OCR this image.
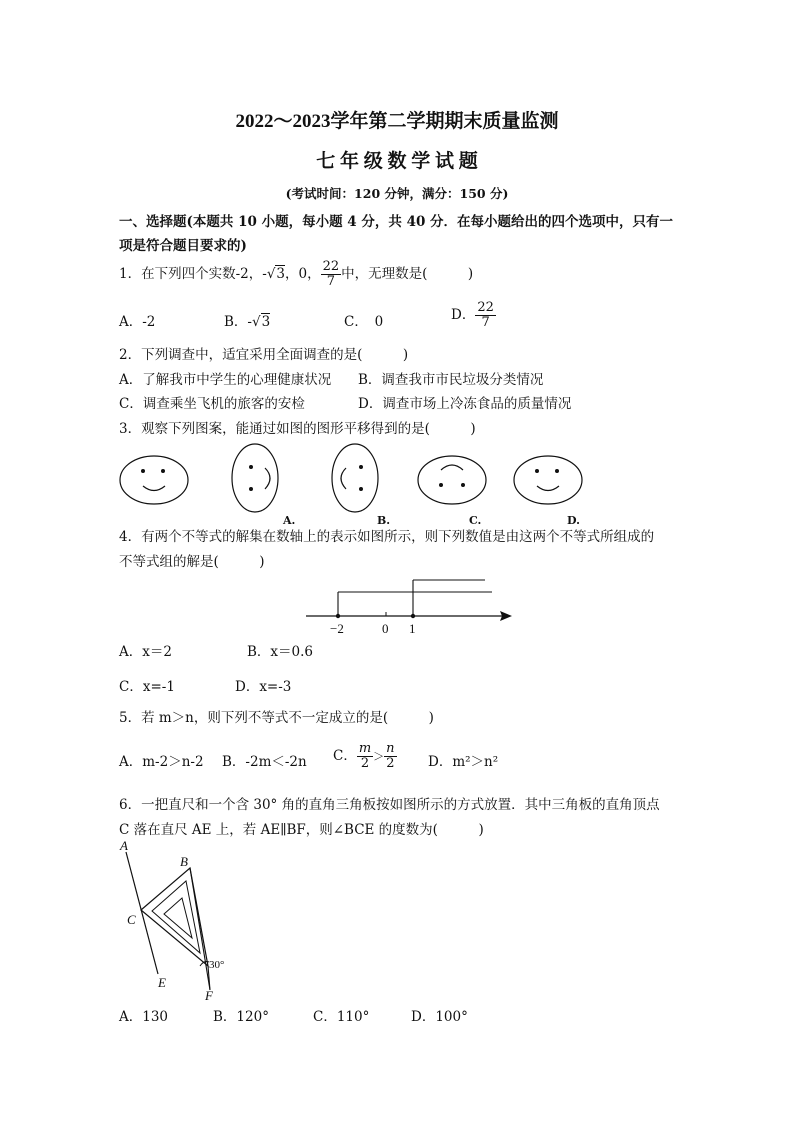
2022～2023学年第二学期期末质量监测
七 年 级 数 学 试 题
(考试时间：120 分钟，满分：150 分)
一、选择题(本题共 10 小题，每小题 4 分，共 40 分．在每小题给出的四个选项中，只有一
项是符合题目要求的)
1．在下列四个实数-2，-√3，0， $\frac{22}{7}$ 中，无理数是(　　　)
A．-2	B．-√3	C．　0	D． $\frac{22}{7}$
2．下列调查中，适宜采用全面调查的是(　　　)
A．了解我市中学生的心理健康状况 B．调查我市市民垃圾分类情况
C．调查乘坐飞机的旅客的安检	D．调查市场上冷冻食品的质量情况
3．观察下列图案，能通过如图的图形平移得到的是(　　　)
A.	B.	C.	D.
4．有两个不等式的解集在数轴上的表示如图所示，则下列数值是由这两个不等式所组成的
不等式组的解是(　　　)
−2	0 1
A．x＝2	B．x＝0.6
C．x=-1	D．x=-3
5．若 m＞n，则下列不等式不一定成立的是(　　　)
A．m-2＞n-2 B．-2m＜-2n C． $\frac{m}{2} > \frac{n}{2}$ D．m²＞n²
6．一把直尺和一个含 30° 角的直角三角板按如图所示的方式放置．其中三角板的直角顶点
C 落在直尺 AE 上，若 AE∥BF，则∠BCE 的度数为(　　　)
A
B
C
E
F
30°
A．130	B．120°	C．110°	D．100°
